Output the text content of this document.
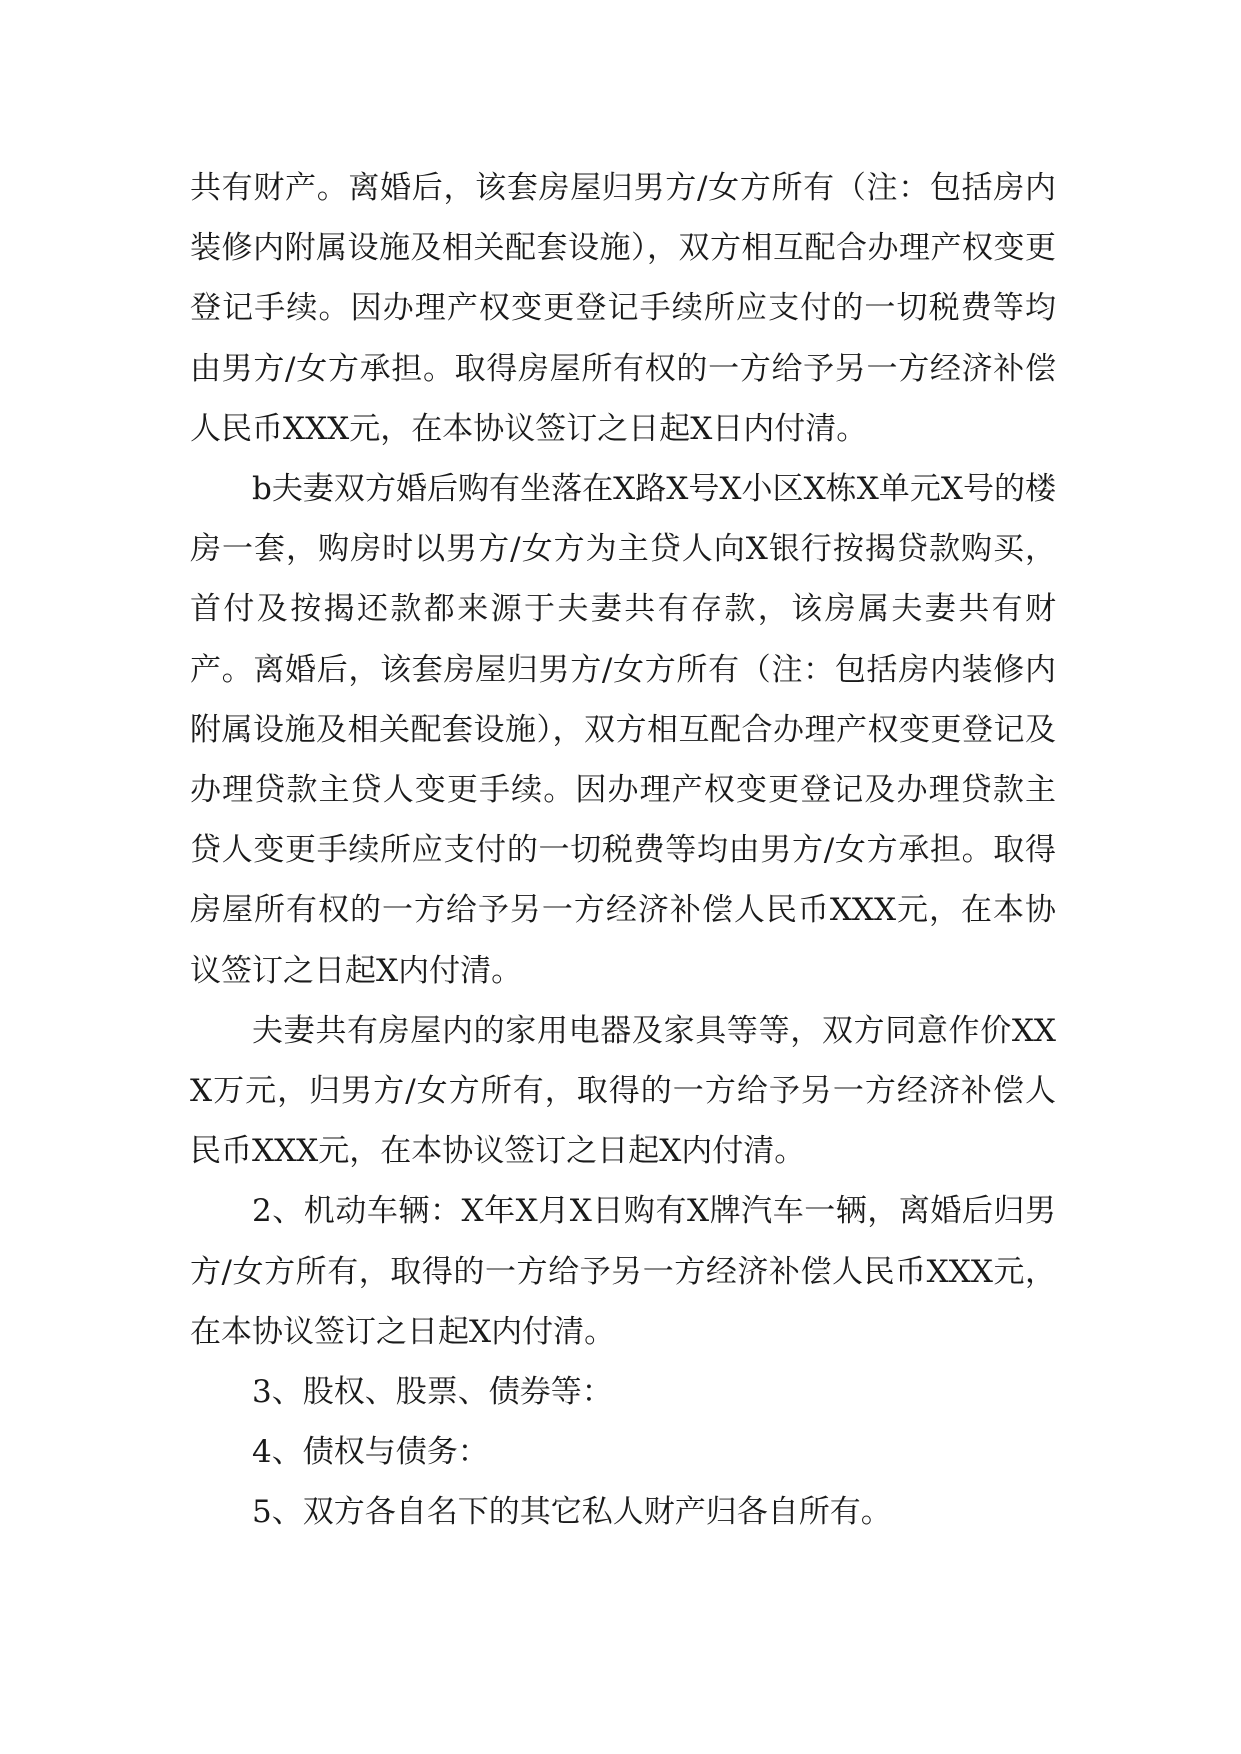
共有财产。离婚后，该套房屋归男方/女方所有（注：包括房内装修内附属设施及相关配套设施），双方相互配合办理产权变更登记手续。因办理产权变更登记手续所应支付的一切税费等均由男方/女方承担。取得房屋所有权的一方给予另一方经济补偿人民币XXX元，在本协议签订之日起X日内付清。

b夫妻双方婚后购有坐落在X路X号X小区X栋X单元X号的楼房一套，购房时以男方/女方为主贷人向X银行按揭贷款购买，首付及按揭还款都来源于夫妻共有存款，该房属夫妻共有财产。离婚后，该套房屋归男方/女方所有（注：包括房内装修内附属设施及相关配套设施），双方相互配合办理产权变更登记及办理贷款主贷人变更手续。因办理产权变更登记及办理贷款主贷人变更手续所应支付的一切税费等均由男方/女方承担。取得房屋所有权的一方给予另一方经济补偿人民币XXX元，在本协议签订之日起X内付清。

夫妻共有房屋内的家用电器及家具等等，双方同意作价XXX万元，归男方/女方所有，取得的一方给予另一方经济补偿人民币XXX元，在本协议签订之日起X内付清。

2、机动车辆：X年X月X日购有X牌汽车一辆，离婚后归男方/女方所有，取得的一方给予另一方经济补偿人民币XXX元，在本协议签订之日起X内付清。

3、股权、股票、债券等：

4、债权与债务：

5、双方各自名下的其它私人财产归各自所有。
